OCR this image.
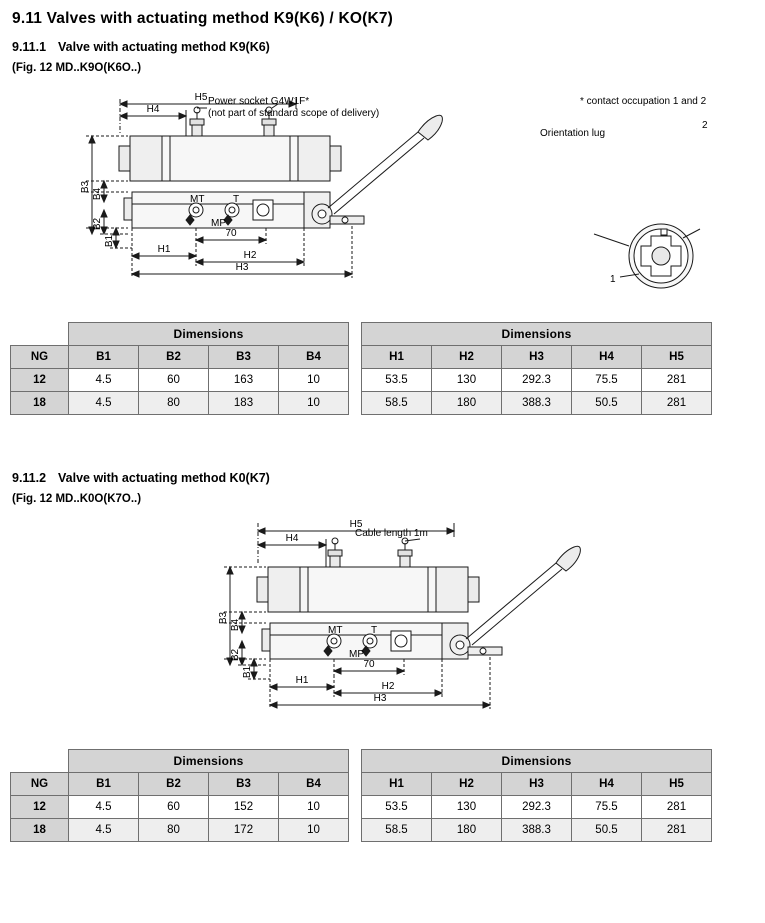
9.11 Valves with actuating method K9(K6) / KO(K7)

9.11.1 Valve with actuating method K9(K6)

(Fig. 12 MD..K9O(K6O..)

Power socket G4W1F*
(not part of standard scope of delivery)
H5
H4
H3
H2
H1
70
B3
B4
B2
B1
MT
MP
T
* contact occupation 1 and 2
Orientation lug
2
1
	Dimensions					Dimensions				
NG	B1	B2	B3	B4		H1	H2	H3	H4	H5
12	4.5	60	163	10		53.5	130	292.3	75.5	281
18	4.5	80	183	10		58.5	180	388.3	50.5	281

9.11.2 Valve with actuating method K0(K7)

(Fig. 12 MD..K0O(K7O..)

Cable length 1m
H5
H4
H3
H2
H1
70
B3
B4
B2
B1
MT
MP
T
	Dimensions					Dimensions				
NG	B1	B2	B3	B4		H1	H2	H3	H4	H5
12	4.5	60	152	10		53.5	130	292.3	75.5	281
18	4.5	80	172	10		58.5	180	388.3	50.5	281
